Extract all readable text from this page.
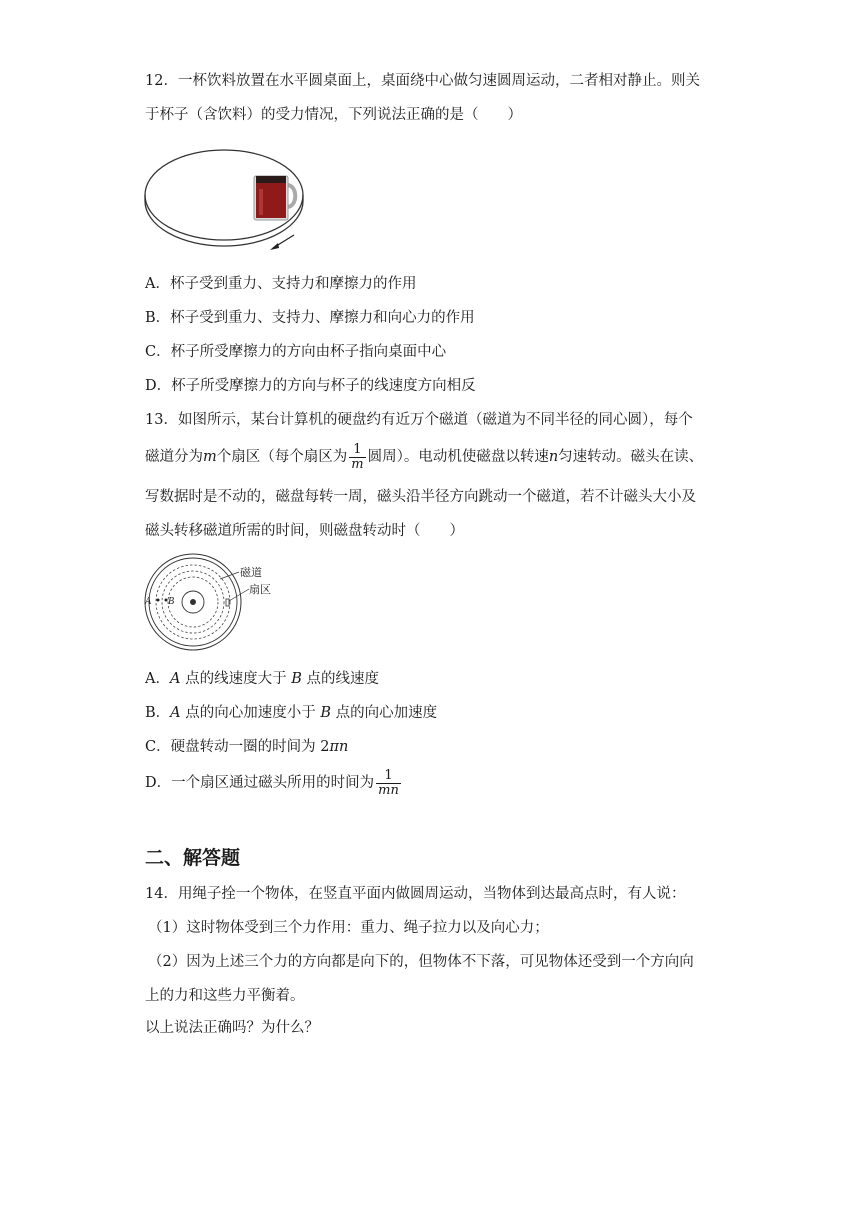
12．一杯饮料放置在水平圆桌面上，桌面绕中心做匀速圆周运动，二者相对静止。则关
于杯子（含饮料）的受力情况，下列说法正确的是（　　）
A．杯子受到重力、支持力和摩擦力的作用
B．杯子受到重力、支持力、摩擦力和向心力的作用
C．杯子所受摩擦力的方向由杯子指向桌面中心
D．杯子所受摩擦力的方向与杯子的线速度方向相反
13．如图所示，某台计算机的硬盘约有近万个磁道（磁道为不同半径的同心圆），每个
磁道分为m个扇区（每个扇区为 $\frac{1}{m}$ 圆周）。电动机使磁盘以转速n匀速转动。磁头在读、
写数据时是不动的，磁盘每转一周，磁头沿半径方向跳动一个磁道，若不计磁头大小及
磁头转移磁道所需的时间，则磁盘转动时（　　）
A B
磁道
扇区
A．A 点的线速度大于 B 点的线速度
B．A 点的向心加速度小于 B 点的向心加速度
C．硬盘转动一圈的时间为 2πn
D．一个扇区通过磁头所用的时间为 $\frac{1}{mn}$
二、解答题
14．用绳子拴一个物体，在竖直平面内做圆周运动，当物体到达最高点时，有人说：
（1）这时物体受到三个力作用：重力、绳子拉力以及向心力；
（2）因为上述三个力的方向都是向下的，但物体不下落，可见物体还受到一个方向向
上的力和这些力平衡着。
以上说法正确吗？为什么？
